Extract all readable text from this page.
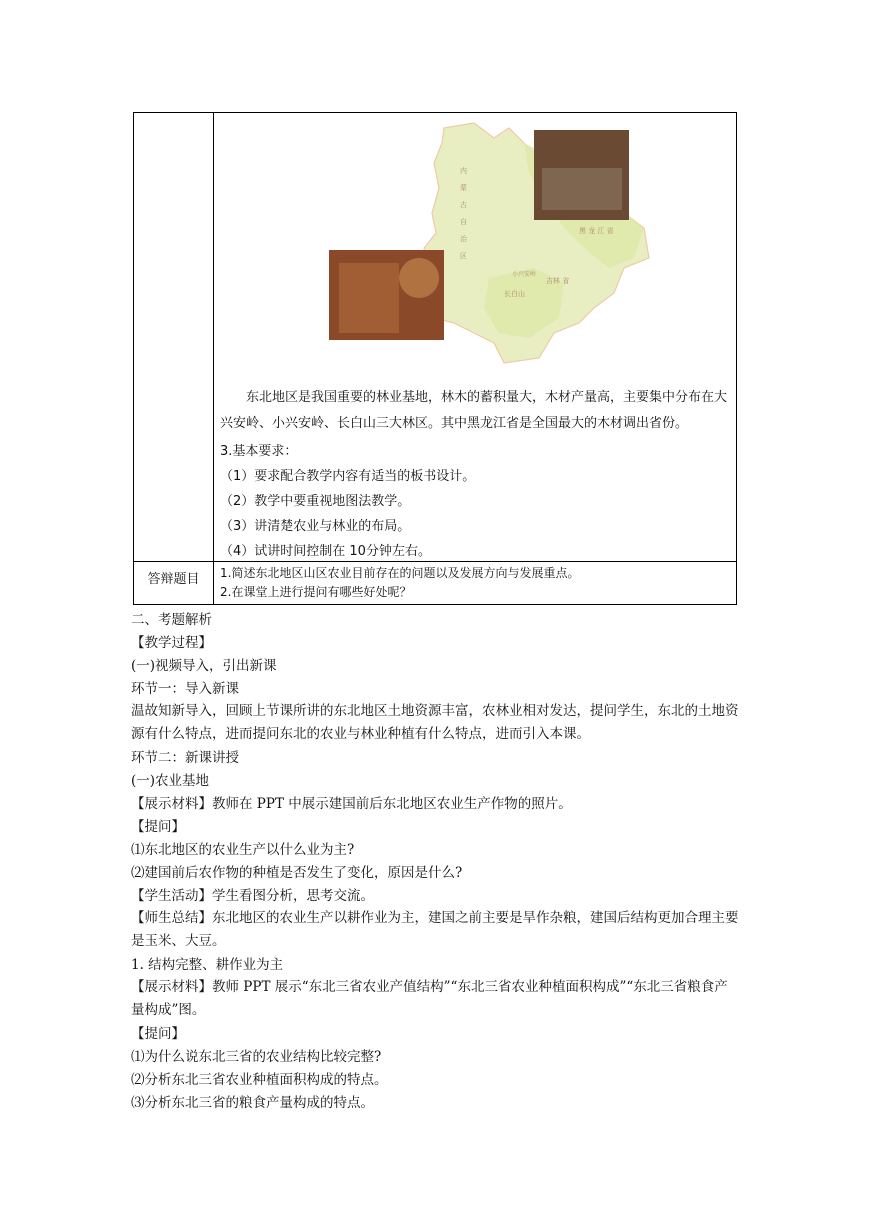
内
蒙
古
自
治
区
黑 龙 江 省
小兴安岭
吉林 省
长白山
东北地区是我国重要的林业基地，林木的蓄积量大，木材产量高，主要集中分布在大兴安岭、小兴安岭、长白山三大林区。其中黑龙江省是全国最大的木材调出省份。
3.基本要求：
（1）要求配合教学内容有适当的板书设计。
（2）教学中要重视地图法教学。
（3）讲清楚农业与林业的布局。
（4）试讲时间控制在 10分钟左右。
答辩题目	1.简述东北地区山区农业目前存在的问题以及发展方向与发展重点。
2.在课堂上进行提问有哪些好处呢？
二、考题解析
【教学过程】
(一)视频导入，引出新课
环节一：导入新课
温故知新导入，回顾上节课所讲的东北地区土地资源丰富，农林业相对发达，提问学生，东北的土地资源有什么特点，进而提问东北的农业与林业种植有什么特点，进而引入本课。
环节二：新课讲授
(一)农业基地
【展示材料】教师在 PPT 中展示建国前后东北地区农业生产作物的照片。
【提问】
⑴东北地区的农业生产以什么业为主?
⑵建国前后农作物的种植是否发生了变化，原因是什么?
【学生活动】学生看图分析，思考交流。
【师生总结】东北地区的农业生产以耕作业为主，建国之前主要是旱作杂粮，建国后结构更加合理主要是玉米、大豆。
1. 结构完整、耕作业为主
【展示材料】教师 PPT 展示“东北三省农业产值结构”“东北三省农业种植面积构成”“东北三省粮食产量构成”图。
【提问】
⑴为什么说东北三省的农业结构比较完整?
⑵分析东北三省农业种植面积构成的特点。
⑶分析东北三省的粮食产量构成的特点。
